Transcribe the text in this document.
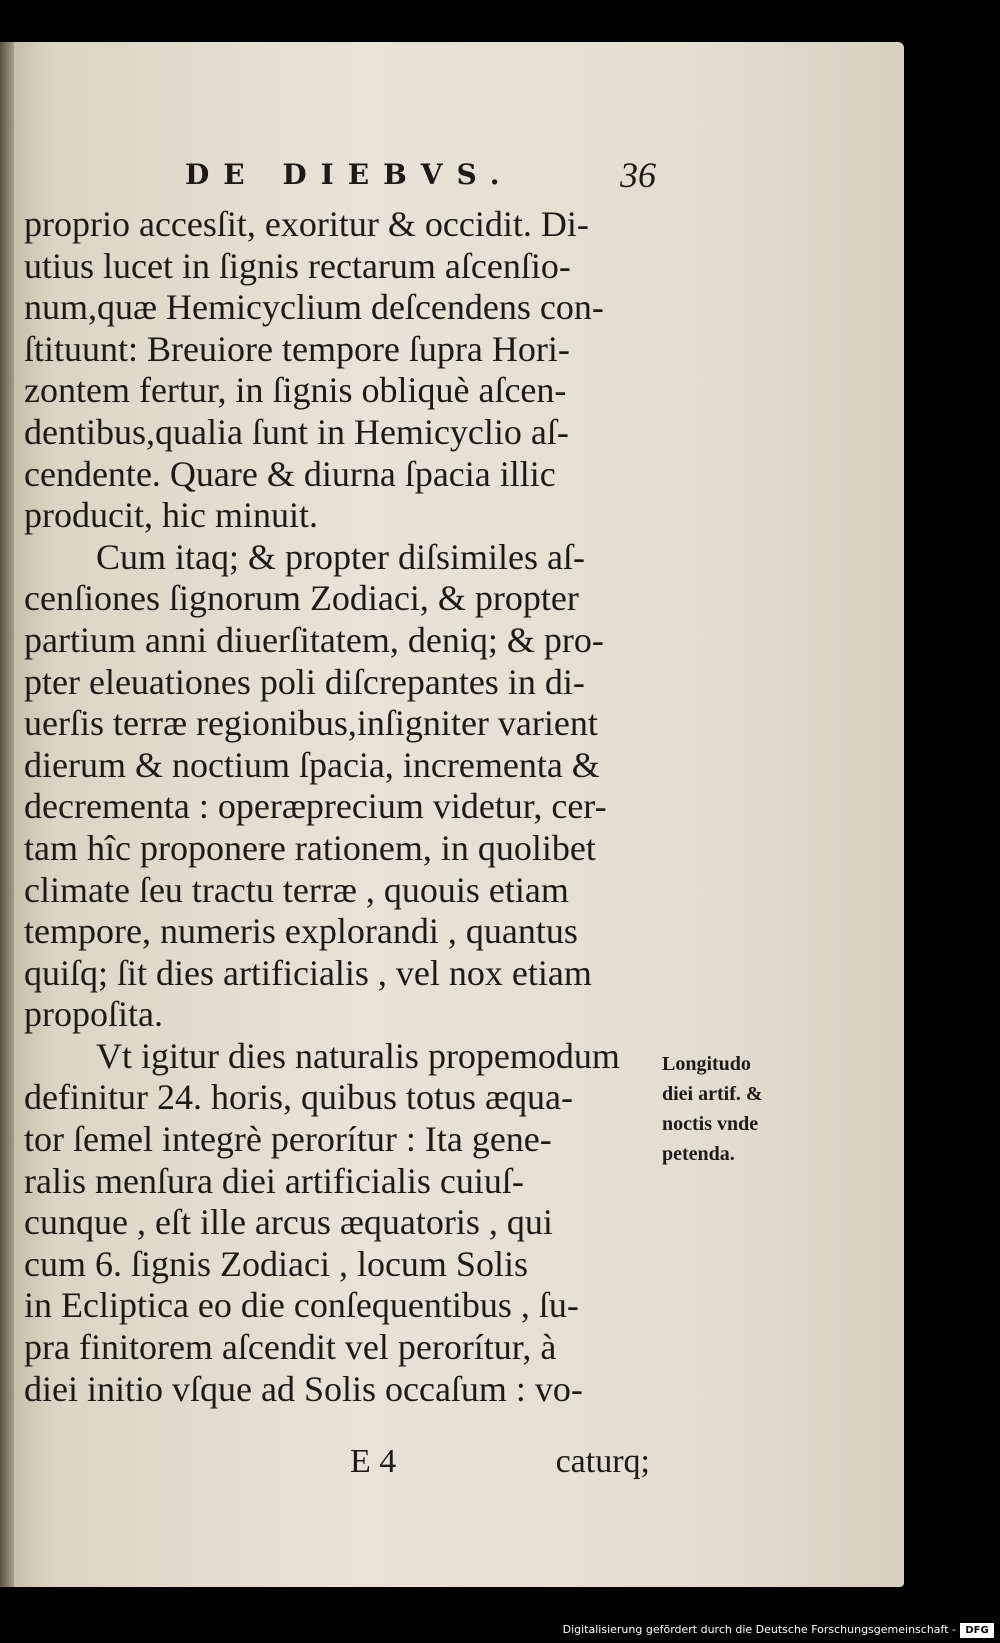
DE DIEBVS.	36
proprio accesſit, exoritur & occidit. Di-
utius lucet in ſignis rectarum aſcenſio-
num,quæ Hemicyclium deſcendens con-
ſtituunt: Breuiore tempore ſupra Hori-
zontem fertur, in ſignis obliquè aſcen-
dentibus,qualia ſunt in Hemicyclio aſ-
cendente. Quare & diurna ſpacia illic
producit, hic minuit.
Cum itaq; & propter diſsimiles aſ-
cenſiones ſignorum Zodiaci, & propter
partium anni diuerſitatem, deniq; & pro-
pter eleuationes poli diſcrepantes in di-
uerſis terræ regionibus,inſigniter varient
dierum & noctium ſpacia, incrementa &
decrementa : operæprecium videtur, cer-
tam hîc proponere rationem, in quolibet
climate ſeu tractu terræ , quouis etiam
tempore, numeris explorandi , quantus
quiſq; ſit dies artificialis , vel nox etiam
propoſita.
Vt igitur dies naturalis propemodum
definitur 24. horis, quibus totus æqua-
tor ſemel integrè perorítur : Ita gene-
ralis menſura diei artificialis cuiuſ-
cunque , eſt ille arcus æquatoris , qui
cum 6. ſignis Zodiaci , locum Solis
in Ecliptica eo die conſequentibus , ſu-
pra finitorem aſcendit vel perorítur, à
diei initio vſque ad Solis occaſum : vo-
Longitudo
diei artif. &
noctis vnde
petenda.
E 4	caturq;
Digitalisierung gefördert durch die Deutsche Forschungsgemeinschaft - DFG
